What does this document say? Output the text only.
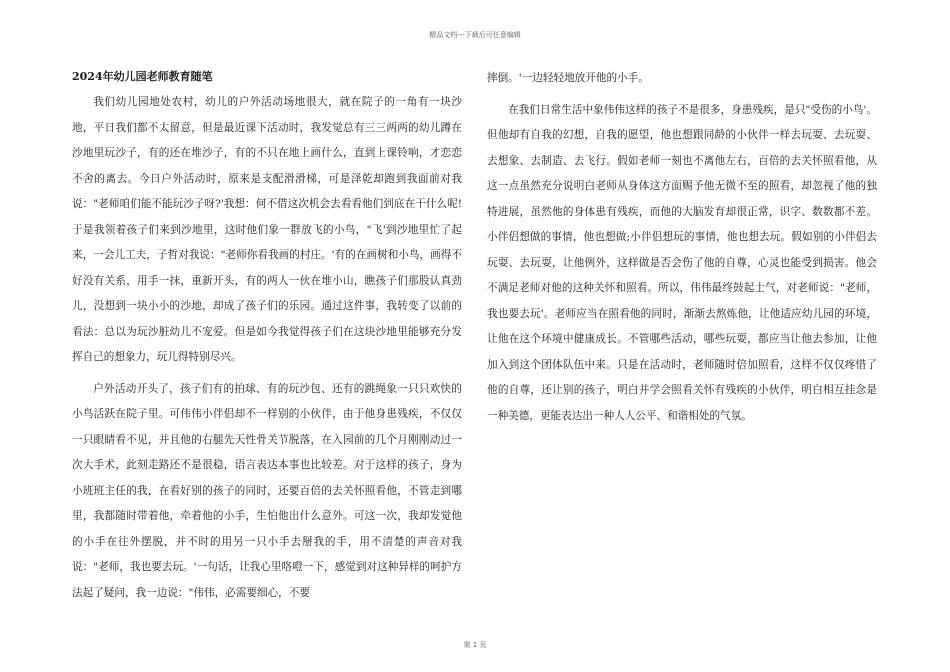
精品文档---下载后可任意编辑
2024年幼儿园老师教育随笔

我们幼儿园地处农村，幼儿的户外活动场地很大，就在院子的一角有一块沙地，平日我们都不太留意，但是最近课下活动时，我发觉总有三三两两的幼儿蹲在沙地里玩沙子，有的还在堆沙子，有的不只在地上画什么，直到上课铃响，才恋恋不舍的离去。今日户外活动时，原来是支配滑滑梯，可是泽乾却跑到我面前对我说："老师咱们能不能玩沙子呀?'我想：何不借这次机会去看看他们到底在干什么呢!于是我领着孩子们来到沙地里，这时他们象一群放飞的小鸟，"飞'到沙地里忙了起来，一会儿工夫，子哲对我说："老师你看我画的村庄。'有的在画树和小鸟，画得不好没有关系，用手一抹，重新开头，有的两人一伙在堆小山，瞧孩子们那股认真劲儿，没想到一块小小的沙地，却成了孩子们的乐园。通过这件事，我转变了以前的看法：总以为玩沙脏幼儿不宠爱。但是如今我觉得孩子们在这块沙地里能够充分发挥自己的想象力，玩儿得特别尽兴。

户外活动开头了，孩子们有的拍球、有的玩沙包、还有的跳绳象一只只欢快的小鸟活跃在院子里。可伟伟小伴侣却不一样别的小伙伴，由于他身患残疾，不仅仅一只眼睛看不见，并且他的右腿先天性骨关节脱落，在入园前的几个月刚刚动过一次大手术，此刻走路还不是很稳，语言表达本事也比较差。对于这样的孩子，身为小班班主任的我，在看好别的孩子的同时，还要百倍的去关怀照看他，不管走到哪里，我都随时带着他，牵着他的小手，生怕他出什么意外。可这一次，我却发觉他的小手在往外摆脱，并不时的用另一只小手去掰我的手，用不清楚的声音对我说："老师，我也要去玩。'一句话，让我心里咯噔一下，感觉到对这种异样的呵护方法起了疑问，我一边说："伟伟，必需要细心，不要

摔倒。'一边轻轻地放开他的小手。

在我们日常生活中象伟伟这样的孩子不是很多，身患残疾，是只"受伤的小鸟'。但他却有自我的幻想，自我的愿望，他也想跟同龄的小伙伴一样去玩耍、去玩耍、去想象、去制造、去飞行。假如老师一刻也不离他左右，百倍的去关怀照看他，从这一点虽然充分说明白老师从身体这方面赐予他无微不至的照看，却忽视了他的独特进展，虽然他的身体患有残疾，而他的大脑发育却很正常，识字、数数都不差。小伴侣想做的事情，他也想做;小伴侣想玩的事情，他也想去玩。假如别的小伴侣去玩耍、去玩耍，让他例外，这样做是否会伤了他的自尊，心灵也能受到损害。他会不满足老师对他的这种关怀和照看。所以，伟伟最终鼓起士气，对老师说："老师，我也要去玩'。老师应当在照看他的同时，渐渐去熬炼他，让他适应幼儿园的环境，让他在这个环境中健康成长。不管哪些活动，哪些玩耍，都应当让他去参加，让他加入到这个团体队伍中来。只是在活动时，老师随时倍加照看，这样不仅仅疼惜了他的自尊，还让别的孩子，明白并学会照看关怀有残疾的小伙伴，明白相互挂念是一种美德，更能表达出一种人人公平、和谐相处的气氛。

第 1 页
